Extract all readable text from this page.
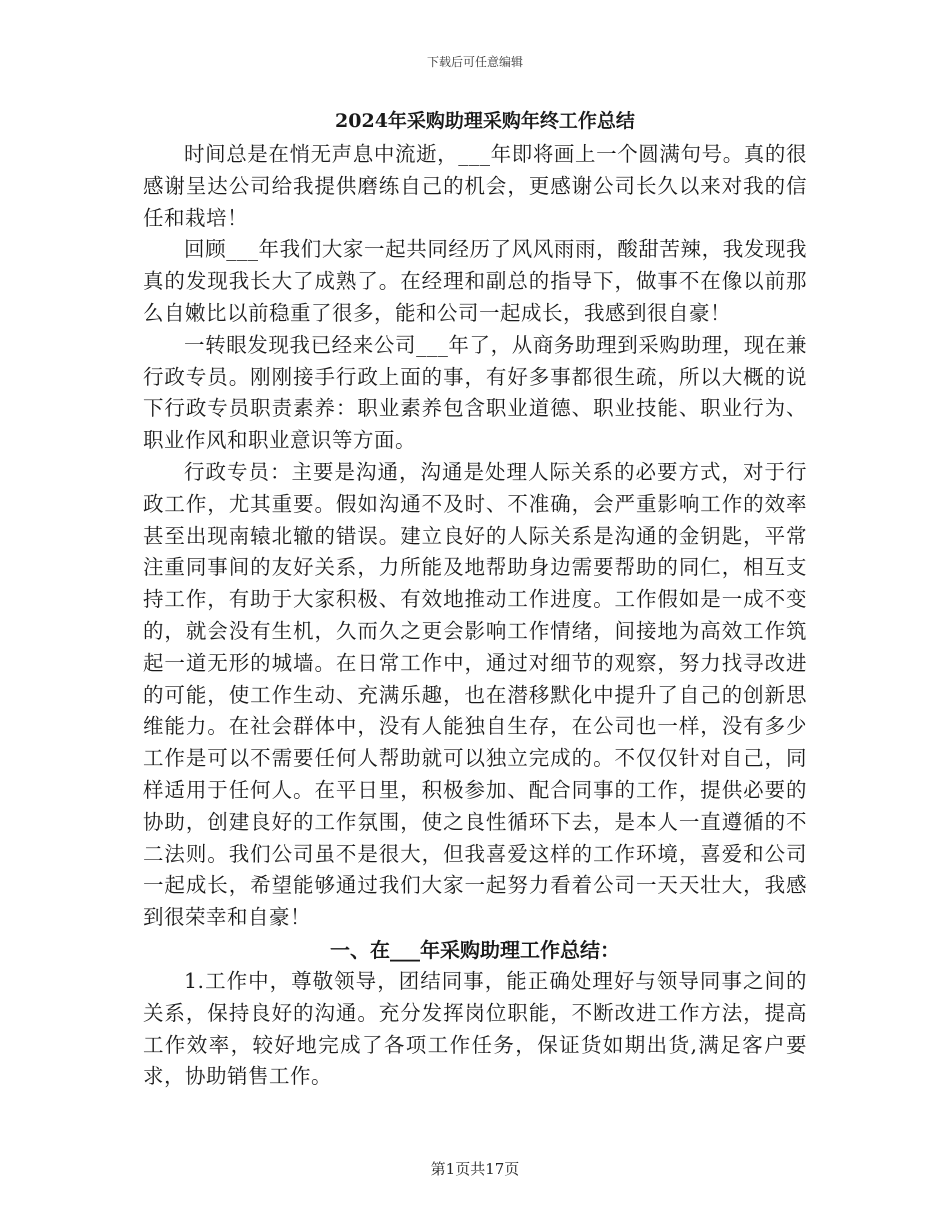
下载后可任意编辑
2024年采购助理采购年终工作总结

时间总是在悄无声息中流逝，___年即将画上一个圆满句号。真的很感谢呈达公司给我提供磨练自己的机会，更感谢公司长久以来对我的信任和栽培！

回顾___年我们大家一起共同经历了风风雨雨，酸甜苦辣，我发现我真的发现我长大了成熟了。在经理和副总的指导下，做事不在像以前那么自嫩比以前稳重了很多，能和公司一起成长，我感到很自豪！

一转眼发现我已经来公司___年了，从商务助理到采购助理，现在兼行政专员。刚刚接手行政上面的事，有好多事都很生疏，所以大概的说下行政专员职责素养：职业素养包含职业道德、职业技能、职业行为、职业作风和职业意识等方面。

行政专员：主要是沟通，沟通是处理人际关系的必要方式，对于行政工作，尤其重要。假如沟通不及时、不准确，会严重影响工作的效率甚至出现南辕北辙的错误。建立良好的人际关系是沟通的金钥匙，平常注重同事间的友好关系，力所能及地帮助身边需要帮助的同仁，相互支持工作，有助于大家积极、有效地推动工作进度。工作假如是一成不变的，就会没有生机，久而久之更会影响工作情绪，间接地为高效工作筑起一道无形的城墙。在日常工作中，通过对细节的观察，努力找寻改进的可能，使工作生动、充满乐趣，也在潜移默化中提升了自己的创新思维能力。在社会群体中，没有人能独自生存，在公司也一样，没有多少工作是可以不需要任何人帮助就可以独立完成的。不仅仅针对自己，同样适用于任何人。在平日里，积极参加、配合同事的工作，提供必要的协助，创建良好的工作氛围，使之良性循环下去，是本人一直遵循的不二法则。我们公司虽不是很大，但我喜爱这样的工作环境，喜爱和公司一起成长，希望能够通过我们大家一起努力看着公司一天天壮大，我感到很荣幸和自豪！

一、在___年采购助理工作总结：

1.工作中，尊敬领导，团结同事，能正确处理好与领导同事之间的关系，保持良好的沟通。充分发挥岗位职能，不断改进工作方法，提高工作效率，较好地完成了各项工作任务，保证货如期出货,满足客户要求，协助销售工作。

第1页共17页
